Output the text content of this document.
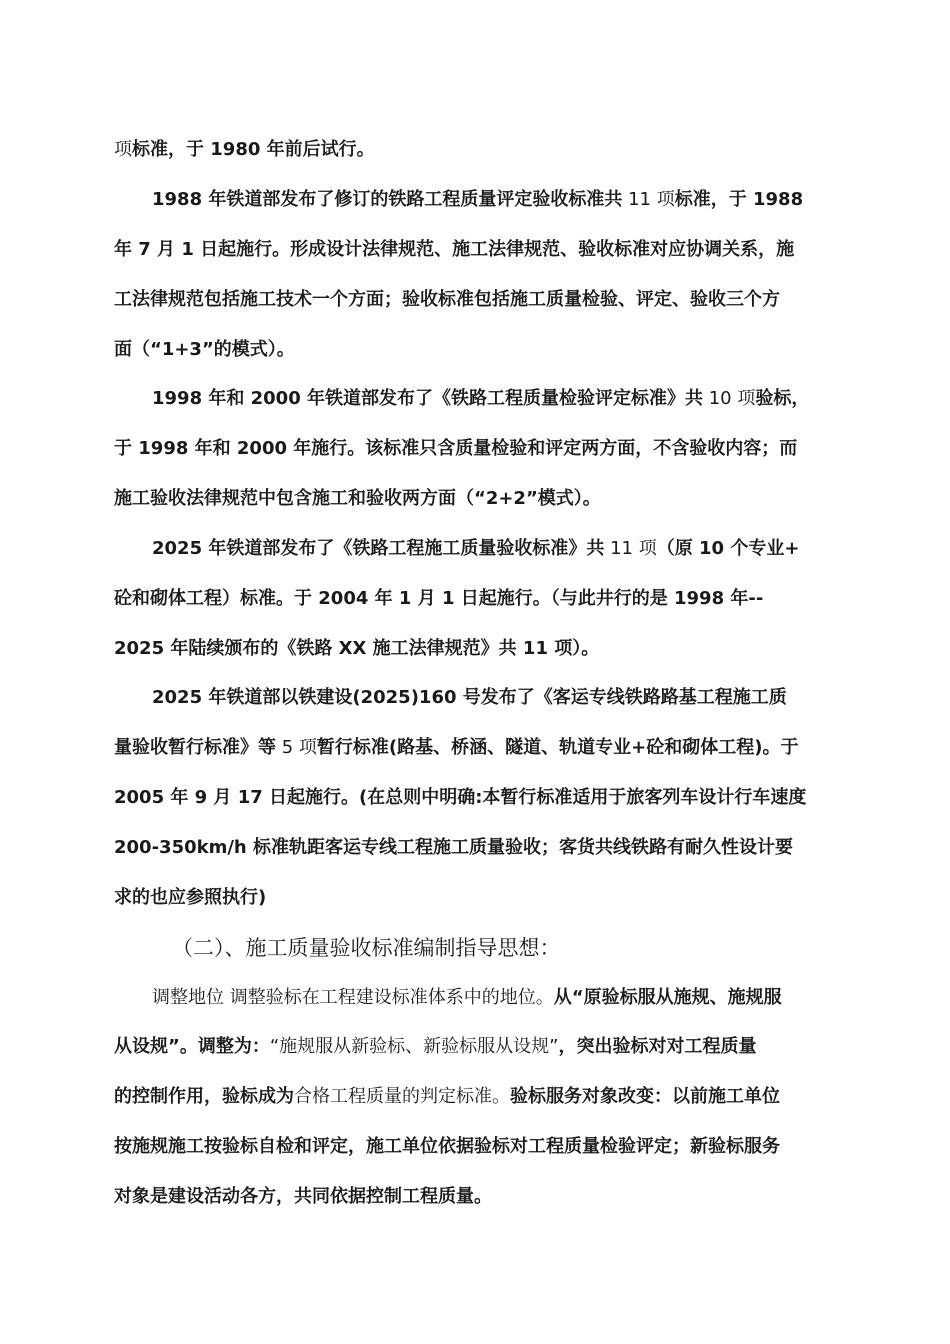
项标准，于 1980 年前后试行。
1988 年铁道部发布了修订的铁路工程质量评定验收标准共 11 项标准，于 1988
年 7 月 1 日起施行。形成设计法律规范、施工法律规范、验收标准对应协调关系，施
工法律规范包括施工技术一个方面；验收标准包括施工质量检验、评定、验收三个方
面（“1+3”的模式）。
1998 年和 2000 年铁道部发布了《铁路工程质量检验评定标准》共 10 项验标，
于 1998 年和 2000 年施行。该标准只含质量检验和评定两方面，不含验收内容；而
施工验收法律规范中包含施工和验收两方面（“2+2”模式）。
2025 年铁道部发布了《铁路工程施工质量验收标准》共 11 项（原 10 个专业+
砼和砌体工程）标准。于 2004 年 1 月 1 日起施行。（与此井行的是 1998 年--
2025 年陆续颁布的《铁路 XX 施工法律规范》共 11 项）。
2025 年铁道部以铁建设(2025)160 号发布了《客运专线铁路路基工程施工质
量验收暂行标准》等 5 项暂行标准(路基、桥涵、隧道、轨道专业+砼和砌体工程)。于
2005 年 9 月 17 日起施行。(在总则中明确:本暂行标准适用于旅客列车设计行车速度
200-350km/h 标准轨距客运专线工程施工质量验收；客货共线铁路有耐久性设计要
求的也应参照执行)
（二）、施工质量验收标准编制指导思想：
调整地位 调整验标在工程建设标准体系中的地位。从“原验标服从施规、施规服
从设规”。调整为：“施规服从新验标、新验标服从设规”，突出验标对对工程质量
的控制作用，验标成为合格工程质量的判定标准。验标服务对象改变：以前施工单位
按施规施工按验标自检和评定，施工单位依据验标对工程质量检验评定；新验标服务
对象是建设活动各方，共同依据控制工程质量。
